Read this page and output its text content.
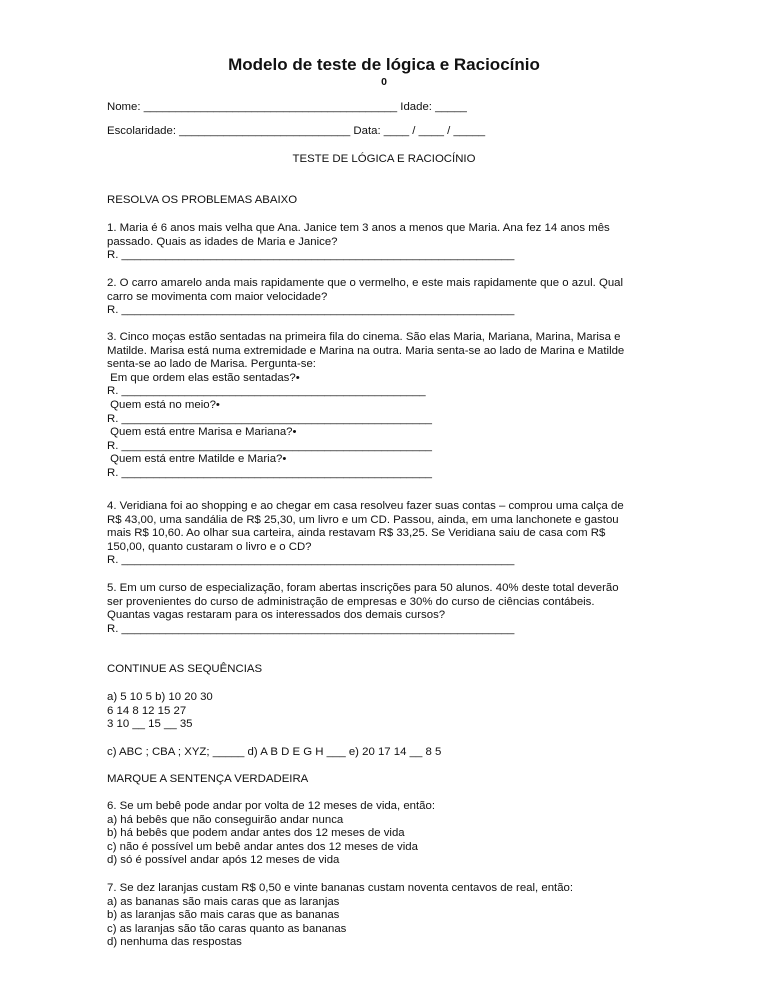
Modelo de teste de lógica e Raciocínio
0
Nome: ________________________________________ Idade: _____
Escolaridade: ___________________________ Data: ____ / ____ / _____
TESTE DE LÓGICA E RACIOCÍNIO
RESOLVA OS PROBLEMAS ABAIXO

1. Maria é 6 anos mais velha que Ana. Janice tem 3 anos a menos que Maria. Ana fez 14 anos mês

passado. Quais as idades de Maria e Janice?

R. ______________________________________________________________

2. O carro amarelo anda mais rapidamente que o vermelho, e este mais rapidamente que o azul. Qual

carro se movimenta com maior velocidade?

R. ______________________________________________________________

3. Cinco moças estão sentadas na primeira fila do cinema. São elas Maria, Mariana, Marina, Marisa e

Matilde. Marisa está numa extremidade e Marina na outra. Maria senta-se ao lado de Marina e Matilde

senta-se ao lado de Marisa. Pergunta-se:

Em que ordem elas estão sentadas?•

R. ________________________________________________

Quem está no meio?•

R. _________________________________________________

Quem está entre Marisa e Mariana?•

R. _________________________________________________

Quem está entre Matilde e Maria?•

R. _________________________________________________

4. Veridiana foi ao shopping e ao chegar em casa resolveu fazer suas contas – comprou uma calça de

R$ 43,00, uma sandália de R$ 25,30, um livro e um CD. Passou, ainda, em uma lanchonete e gastou

mais R$ 10,60. Ao olhar sua carteira, ainda restavam R$ 33,25. Se Veridiana saiu de casa com R$

150,00, quanto custaram o livro e o CD?

R. ______________________________________________________________

5. Em um curso de especialização, foram abertas inscrições para 50 alunos. 40% deste total deverão

ser provenientes do curso de administração de empresas e 30% do curso de ciências contábeis.

Quantas vagas restaram para os interessados dos demais cursos?

R. ______________________________________________________________

CONTINUE AS SEQUÊNCIAS

a) 5 10 5 b) 10 20 30

6 14 8 12 15 27

3 10 __ 15 __ 35

c) ABC ; CBA ; XYZ; _____ d) A B D E G H ___ e) 20 17 14 __ 8 5
MARQUE A SENTENÇA VERDADEIRA

6. Se um bebê pode andar por volta de 12 meses de vida, então:

a) há bebês que não conseguirão andar nunca

b) há bebês que podem andar antes dos 12 meses de vida

c) não é possível um bebê andar antes dos 12 meses de vida

d) só é possível andar após 12 meses de vida

7. Se dez laranjas custam R$ 0,50 e vinte bananas custam noventa centavos de real, então:

a) as bananas são mais caras que as laranjas

b) as laranjas são mais caras que as bananas

c) as laranjas são tão caras quanto as bananas

d) nenhuma das respostas
